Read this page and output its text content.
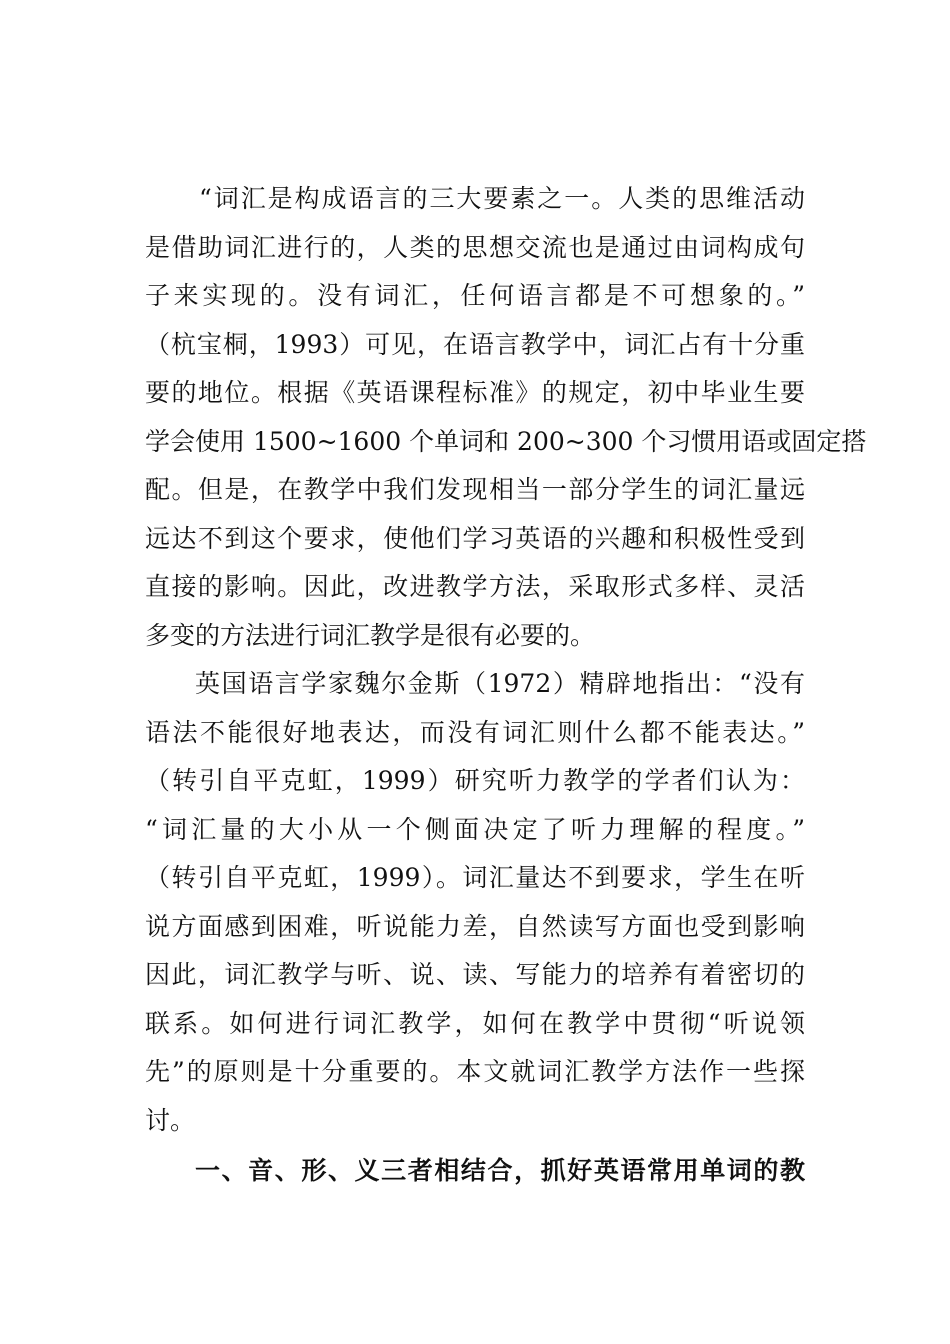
“词汇是构成语言的三大要素之一。人类的思维活动
是借助词汇进行的，人类的思想交流也是通过由词构成句
子来实现的。没有词汇，任何语言都是不可想象的。”
（杭宝桐，1993）可见，在语言教学中，词汇占有十分重
要的地位。根据《英语课程标准》的规定，初中毕业生要
学会使用 1500~1600 个单词和 200~300 个习惯用语或固定搭
配。但是，在教学中我们发现相当一部分学生的词汇量远
远达不到这个要求，使他们学习英语的兴趣和积极性受到
直接的影响。因此，改进教学方法，采取形式多样、灵活
多变的方法进行词汇教学是很有必要的。
英国语言学家魏尔金斯（1972）精辟地指出：“没有
语法不能很好地表达，而没有词汇则什么都不能表达。”
（转引自平克虹，1999）研究听力教学的学者们认为：
“词汇量的大小从一个侧面决定了听力理解的程度。”
（转引自平克虹，1999）。词汇量达不到要求，学生在听
说方面感到困难，听说能力差，自然读写方面也受到影响
因此，词汇教学与听、说、读、写能力的培养有着密切的
联系。如何进行词汇教学，如何在教学中贯彻“听说领
先”的原则是十分重要的。本文就词汇教学方法作一些探
讨。
一、音、形、义三者相结合，抓好英语常用单词的教
